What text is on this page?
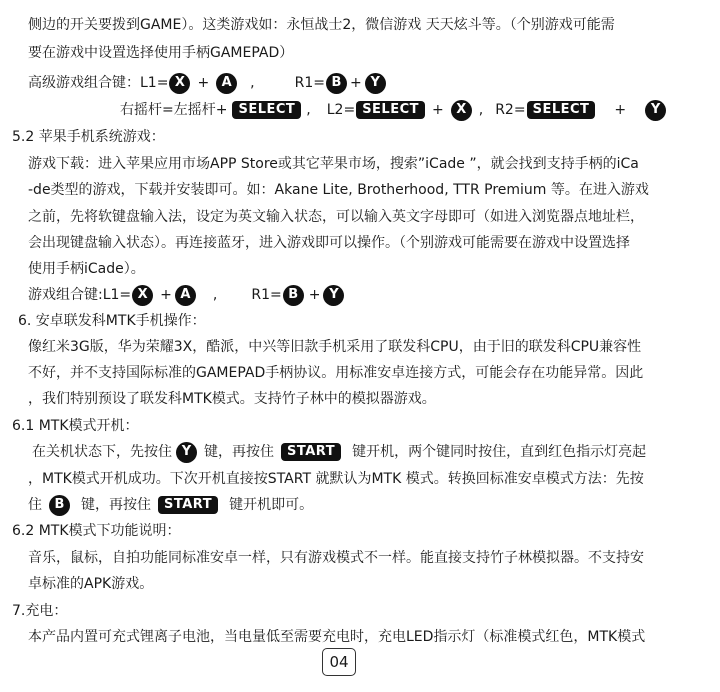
侧边的开关要拨到GAME）。这类游戏如：永恒战士2，微信游戏 天天炫斗等。（个别游戏可能需
要在游戏中设置选择使用手柄GAMEPAD）
高级游戏组合键：L1= X + A	,	R1= B + Y
右摇杆=左摇杆+ SELECT , L2= SELECT + X , R2= SELECT	+	Y
5.2 苹果手机系统游戏：
游戏下载：进入苹果应用市场APP Store或其它苹果市场，搜索”iCade ”，就会找到支持手柄的iCa
-de类型的游戏，下载并安装即可。如：Akane Lite, Brotherhood, TTR Premium 等。在进入游戏
之前，先将软键盘输入法，设定为英文输入状态，可以输入英文字母即可（如进入浏览器点地址栏，
会出现键盘输入状态）。再连接蓝牙，进入游戏即可以操作。（个别游戏可能需要在游戏中设置选择
使用手柄iCade）。
游戏组合键:L1= X + A	, R1= B + Y
6. 安卓联发科MTK手机操作：
像红米3G版，华为荣耀3X，酷派，中兴等旧款手机采用了联发科CPU，由于旧的联发科CPU兼容性
不好，并不支持国际标准的GAMEPAD手柄协议。用标准安卓连接方式，可能会存在功能异常。因此
，我们特别预设了联发科MTK模式。支持竹子林中的模拟器游戏。
6.1 MTK模式开机：
在关机状态下，先按住 Y 键，再按住	START	键开机，两个键同时按住，直到红色指示灯亮起
，MTK模式开机成功。下次开机直接按START 就默认为MTK 模式。转换回标准安卓模式方法：先按
住 B	键，再按住	START	键开机即可。
6.2 MTK模式下功能说明：
音乐，鼠标，自拍功能同标准安卓一样，只有游戏模式不一样。能直接支持竹子林模拟器。不支持安
卓标准的APK游戏。
7.充电：
本产品内置可充式锂离子电池，当电量低至需要充电时，充电LED指示灯（标准模式红色，MTK模式
04
